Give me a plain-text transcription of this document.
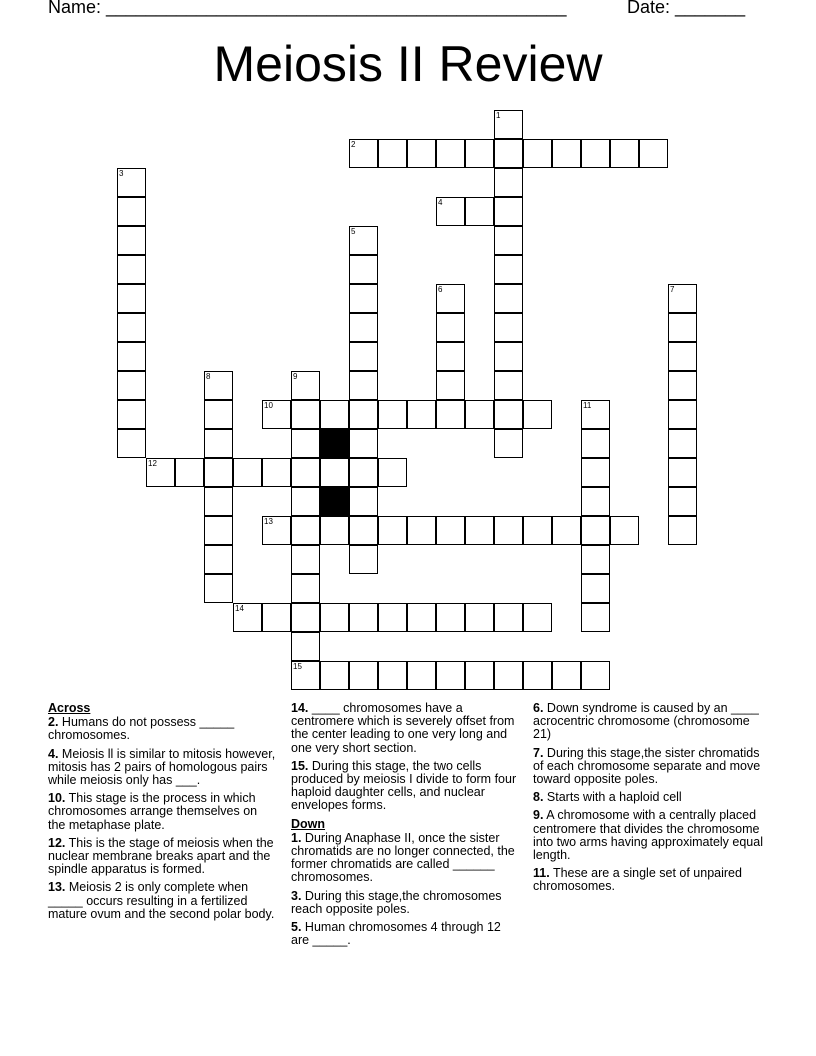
Name: ______________________________________________	Date: _______
Meiosis II Review
1
2
3
4
5
6	7
8	9
15
10	11
12
13
14
Across
2. Humans do not possess _____ chromosomes.
4. Meiosis ll is similar to mitosis however, mitosis has 2 pairs of homologous pairs while meiosis only has ___.
10. This stage is the process in which chromosomes arrange themselves on the metaphase plate.
12. This is the stage of meiosis when the nuclear membrane breaks apart and the spindle apparatus is formed.
13. Meiosis 2 is only complete when _____ occurs resulting in a fertilized mature ovum and the second polar body.
14. ____ chromosomes have a centromere which is severely offset from the center leading to one very long and one very short section.
15. During this stage, the two cells produced by meiosis I divide to form four haploid daughter cells, and nuclear envelopes forms.
Down
1. During Anaphase II, once the sister chromatids are no longer connected, the former chromatids are called ______ chromosomes.
3. During this stage,the chromosomes reach opposite poles.
5. Human chromosomes 4 through 12 are _____.
6. Down syndrome is caused by an ____ acrocentric chromosome (chromosome 21)
7. During this stage,the sister chromatids of each chromosome separate and move toward opposite poles.
8. Starts with a haploid cell
9. A chromosome with a centrally placed centromere that divides the chromosome into two arms having approximately equal length.
11. These are a single set of unpaired chromosomes.
